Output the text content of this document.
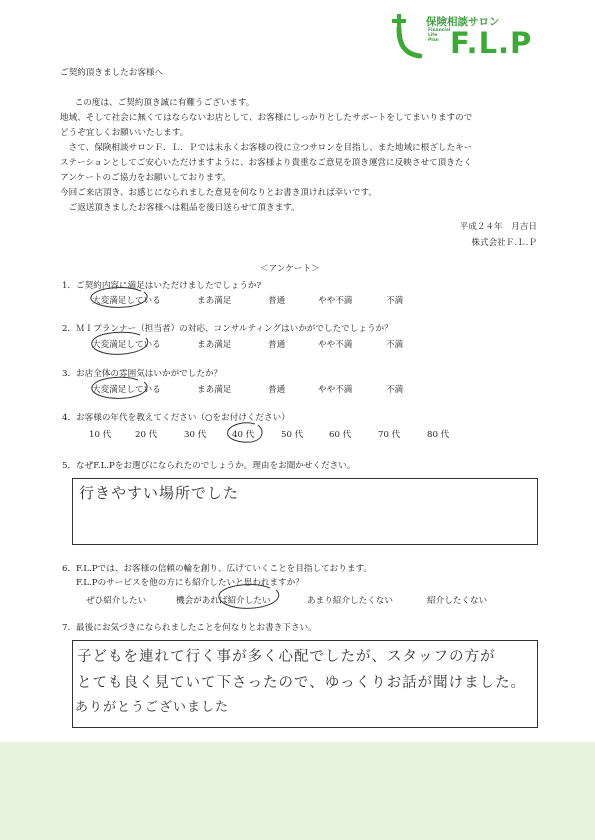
保険相談サロン
Financial
Life
Plan F.L.P
ご契約頂きましたお客様へ
　この度は、ご契約頂き誠に有難うございます。
地域、そして社会に無くてはならないお店として、お客様にしっかりとしたサポートをしてまいりますので
どうぞ宜しくお願いいたします。
　さて、保険相談サロンＦ．Ｌ．Ｐでは末永くお客様の役に立つサロンを目指し、また地域に根ざしたキー
ステーションとしてご安心いただけますように、お客様より貴重なご意見を頂き運営に反映させて頂きたく
アンケートのご協力をお願いしております。
今回ご来店頂き、お感じになられました意見を何なりとお書き頂ければ幸いです。
　ご返送頂きましたお客様へは粗品を後日送らせて頂きます。
平成２４年　月吉日
株式会社Ｆ.Ｌ.Ｐ
＜アンケート＞
1．ご契約内容に満足はいただけましたでしょうか?
大変満足している	まあ満足	普通	やや不満	不満
2．ＭＩプランナー（担当者）の対応、コンサルティングはいかがでしたでしょうか？
大変満足している	まあ満足	普通	やや不満	不満
3．お店全体の雰囲気はいかがでしたか？
大変満足している	まあ満足	普通	やや不満	不満
4．お客様の年代を教えてください（○をお付けください）
10 代	20 代	30 代	40 代	50 代	60 代	70 代	80 代
5．なぜF.L.Pをお選びになられたのでしょうか。理由をお聞かせください。
行きやすい場所でした
6．F.L.Pでは、お客様の信頼の輪を創り、広げていくことを目指しております。
F.L.Pのサービスを他の方にも紹介したいと思われますか？
ぜひ紹介したい	機会があれば紹介したい	あまり紹介したくない	紹介したくない
7．最後にお気づきになられましたことを何なりとお書き下さい。
子どもを連れて行く事が多く心配でしたが、スタッフの方が
とても良く見ていて下さったので、ゆっくりお話が聞けました。
ありがとうございました
